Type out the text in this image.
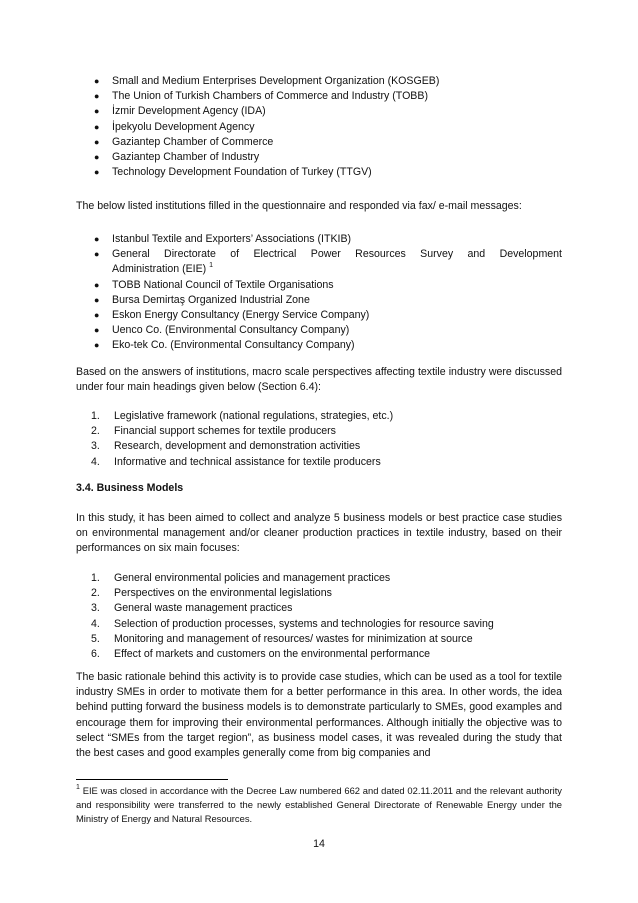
● Small and Medium Enterprises Development Organization (KOSGEB)
● The Union of Turkish Chambers of Commerce and Industry (TOBB)
● İzmir Development Agency (IDA)
● İpekyolu Development Agency
● Gaziantep Chamber of Commerce
● Gaziantep Chamber of Industry
● Technology Development Foundation of Turkey (TTGV)

The below listed institutions filled in the questionnaire and responded via fax/ e-mail messages:

● Istanbul Textile and Exporters’ Associations (ITKIB)
● General Directorate of Electrical Power Resources Survey and Development
Administration (EIE) $^1$
● TOBB National Council of Textile Organisations
● Bursa Demirtaş Organized Industrial Zone
● Eskon Energy Consultancy (Energy Service Company)
● Uenco Co. (Environmental Consultancy Company)
● Eko-tek Co. (Environmental Consultancy Company)

Based on the answers of institutions, macro scale perspectives affecting textile industry were discussed under four main headings given below (Section 6.4):

1. Legislative framework (national regulations, strategies, etc.)
2. Financial support schemes for textile producers
3. Research, development and demonstration activities
4. Informative and technical assistance for textile producers

3.4. Business Models

In this study, it has been aimed to collect and analyze 5 business models or best practice case studies on environmental management and/or cleaner production practices in textile industry, based on their performances on six main focuses:

1. General environmental policies and management practices
2. Perspectives on the environmental legislations
3. General waste management practices
4. Selection of production processes, systems and technologies for resource saving
5. Monitoring and management of resources/ wastes for minimization at source
6. Effect of markets and customers on the environmental performance

The basic rationale behind this activity is to provide case studies, which can be used as a tool for textile industry SMEs in order to motivate them for a better performance in this area. In other words, the idea behind putting forward the business models is to demonstrate particularly to SMEs, good examples and encourage them for improving their environmental performances. Although initially the objective was to select “SMEs from the target region”, as business model cases, it was revealed during the study that the best cases and good examples generally come from big companies and

$^1$ EIE was closed in accordance with the Decree Law numbered 662 and dated 02.11.2011 and the relevant authority and responsibility were transferred to the newly established General Directorate of Renewable Energy under the Ministry of Energy and Natural Resources.

14
